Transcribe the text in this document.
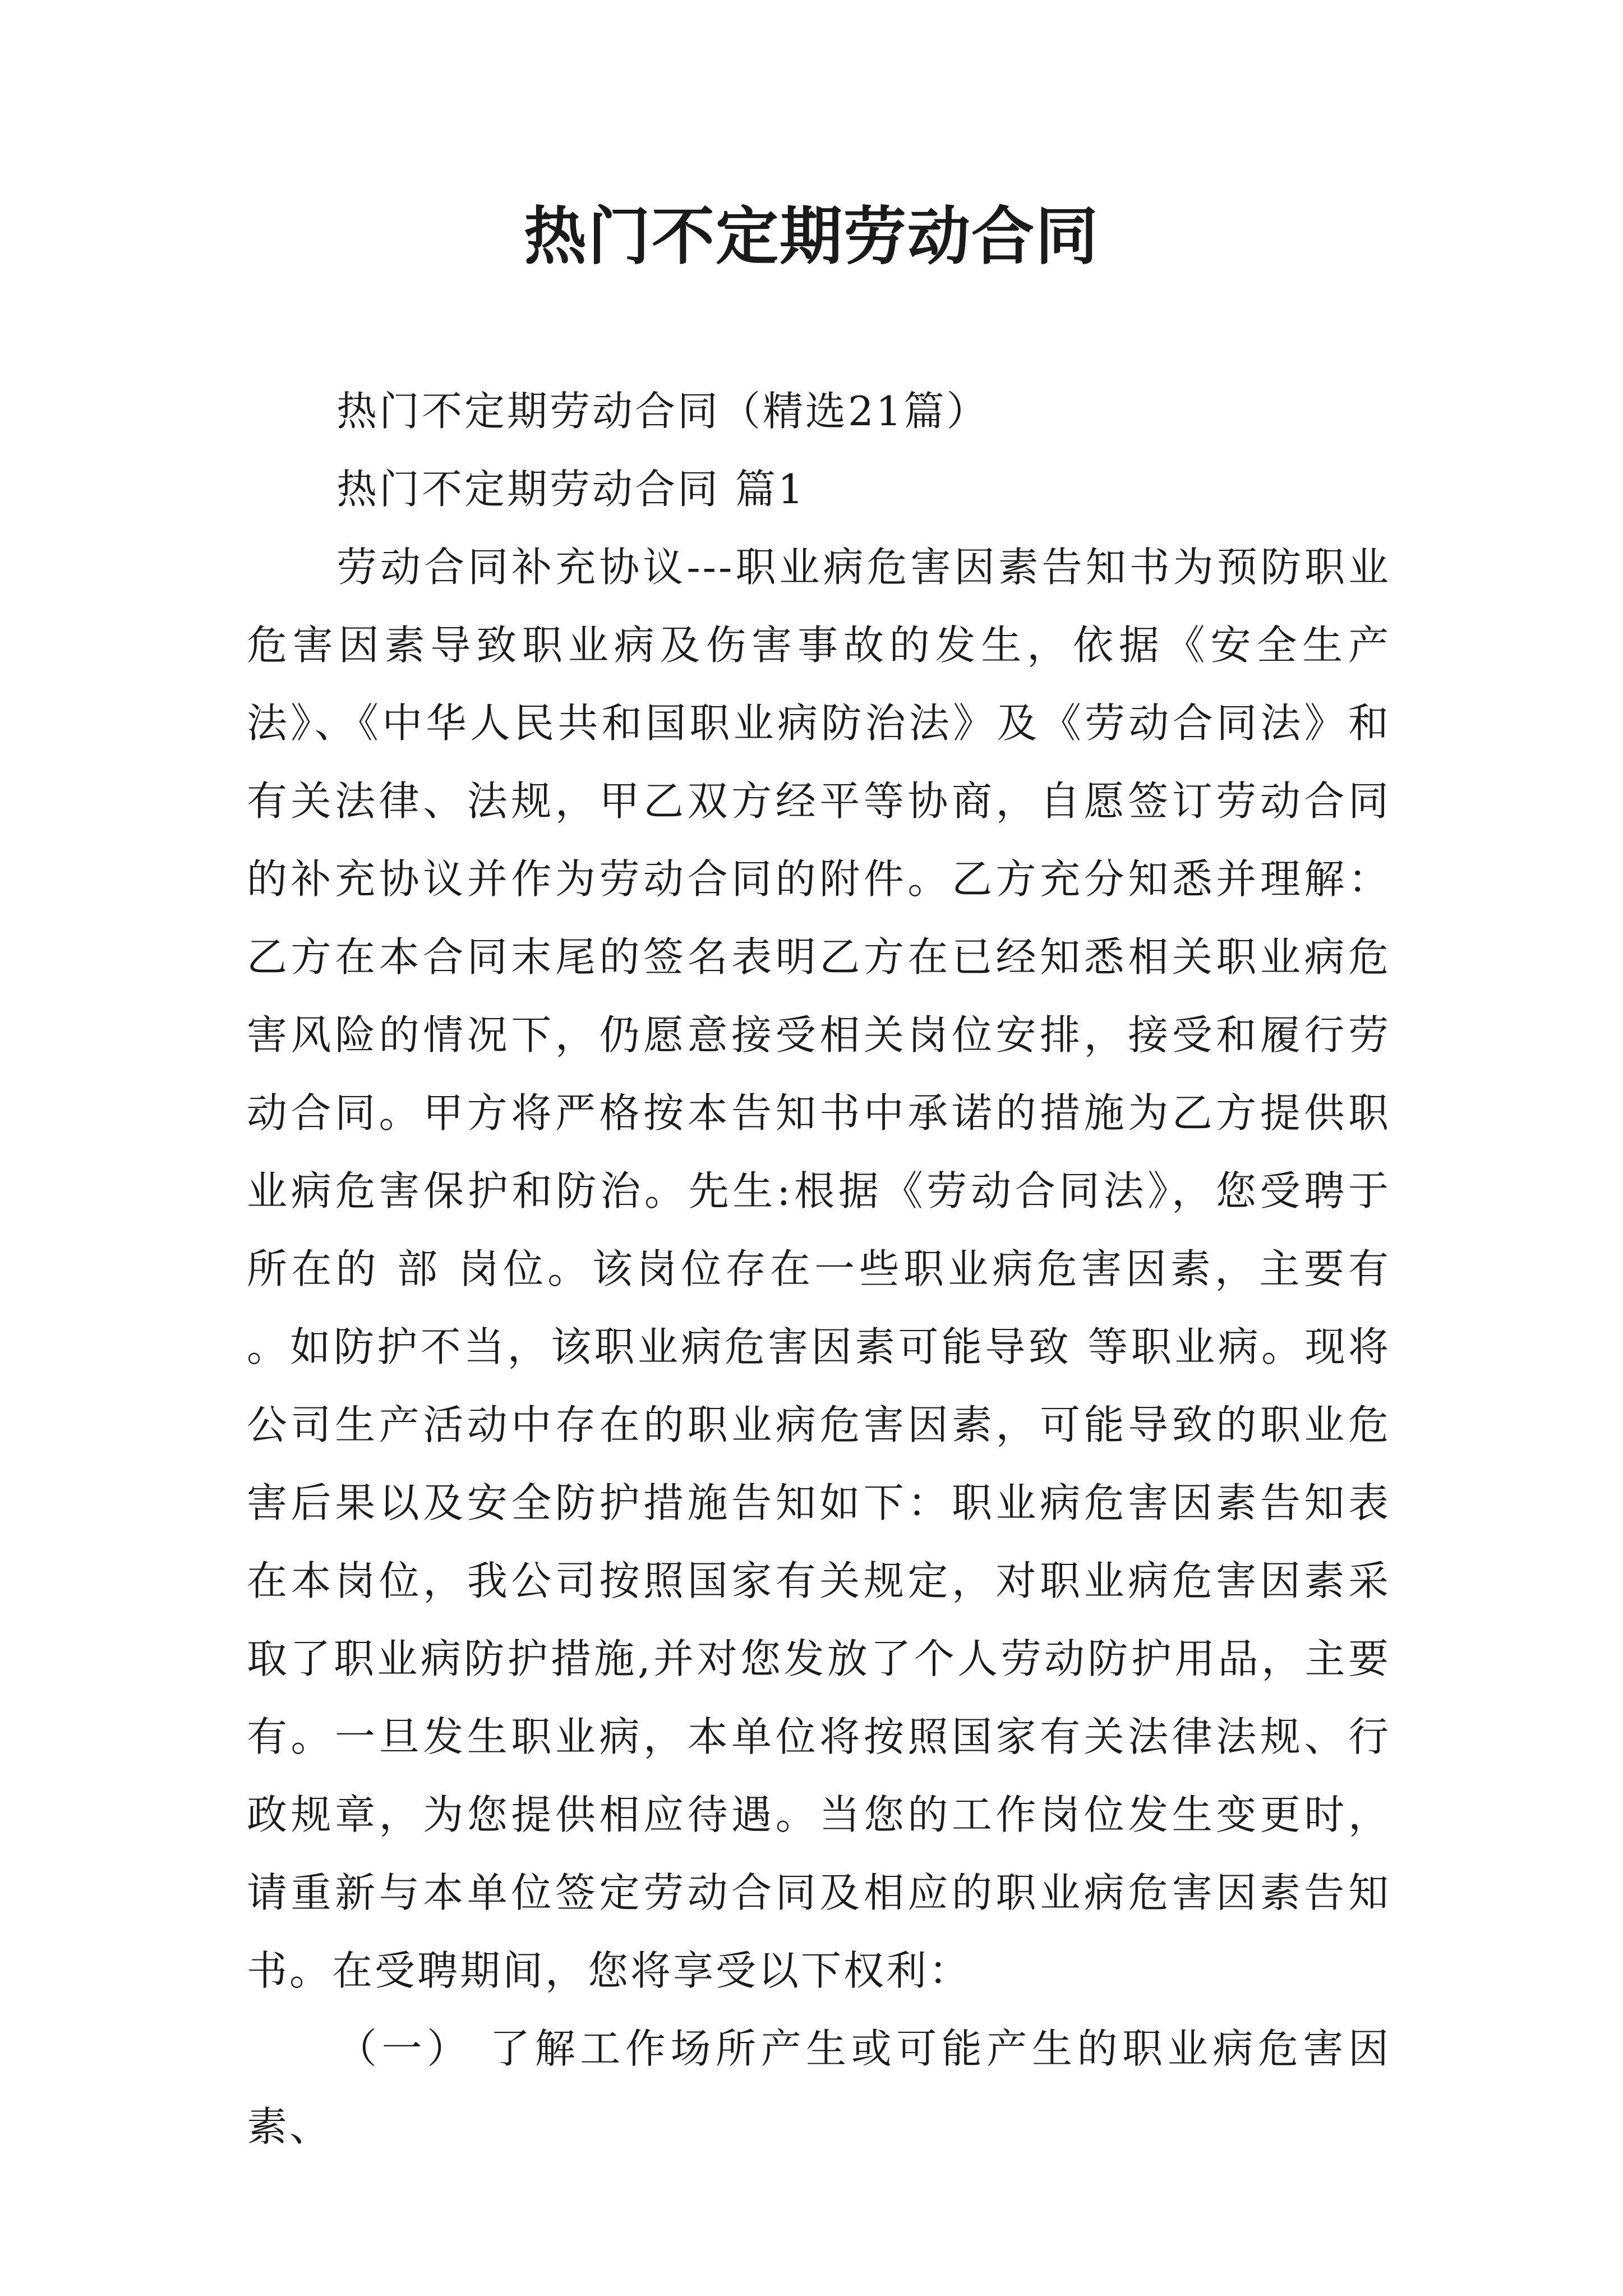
热门不定期劳动合同

热门不定期劳动合同（精选21篇）

热门不定期劳动合同 篇1

劳动合同补充协议---职业病危害因素告知书为预防职业危害因素导致职业病及伤害事故的发生，依据《安全生产法》、《中华人民共和国职业病防治法》及《劳动合同法》和有关法律、法规，甲乙双方经平等协商，自愿签订劳动合同的补充协议并作为劳动合同的附件。乙方充分知悉并理解：乙方在本合同末尾的签名表明乙方在已经知悉相关职业病危害风险的情况下，仍愿意接受相关岗位安排，接受和履行劳动合同。甲方将严格按本告知书中承诺的措施为乙方提供职业病危害保护和防治。先生:根据《劳动合同法》，您受聘于 所在的 部 岗位。该岗位存在一些职业病危害因素，主要有 。如防护不当，该职业病危害因素可能导致 等职业病。现将公司生产活动中存在的职业病危害因素，可能导致的职业危害后果以及安全防护措施告知如下：职业病危害因素告知表在本岗位，我公司按照国家有关规定，对职业病危害因素采取了职业病防护措施,并对您发放了个人劳动防护用品，主要有。一旦发生职业病，本单位将按照国家有关法律法规、行政规章，为您提供相应待遇。当您的工作岗位发生变更时，请重新与本单位签定劳动合同及相应的职业病危害因素告知书。在受聘期间，您将享受以下权利：

（一） 了解工作场所产生或可能产生的职业病危害因素、
